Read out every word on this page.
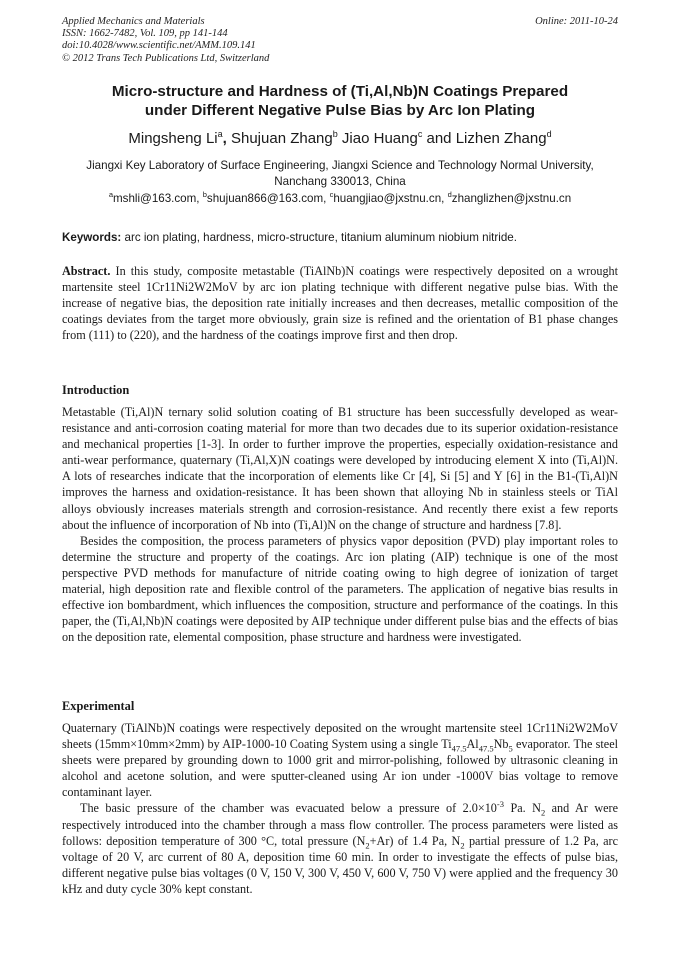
Applied Mechanics and Materials
ISSN: 1662-7482, Vol. 109, pp 141-144
doi:10.4028/www.scientific.net/AMM.109.141
© 2012 Trans Tech Publications Ltd, Switzerland
Online: 2011-10-24
Micro-structure and Hardness of (Ti,Al,Nb)N Coatings Prepared
under Different Negative Pulse Bias by Arc Ion Plating
Mingsheng Li$^a$, Shujuan Zhang$^b$ Jiao Huang$^c$ and Lizhen Zhang$^d$
Jiangxi Key Laboratory of Surface Engineering, Jiangxi Science and Technology Normal University,
Nanchang 330013, China
$^a$mshli@163.com, $^b$shujuan866@163.com, $^c$huangjiao@jxstnu.cn, $^d$zhanglizhen@jxstnu.cn
Keywords: arc ion plating, hardness, micro-structure, titanium aluminum niobium nitride.

Abstract. In this study, composite metastable (TiAlNb)N coatings were respectively deposited on a wrought martensite steel 1Cr11Ni2W2MoV by arc ion plating technique with different negative pulse bias. With the increase of negative bias, the deposition rate initially increases and then decreases, metallic composition of the coatings deviates from the target more obviously, grain size is refined and the orientation of B1 phase changes from (111) to (220), and the hardness of the coatings improve first and then drop.

Introduction

Metastable (Ti,Al)N ternary solid solution coating of B1 structure has been successfully developed as wear-resistance and anti-corrosion coating material for more than two decades due to its superior oxidation-resistance and mechanical properties [1-3]. In order to further improve the properties, especially oxidation-resistance and anti-wear performance, quaternary (Ti,Al,X)N coatings were developed by introducing element X into (Ti,Al)N. A lots of researches indicate that the incorporation of elements like Cr [4], Si [5] and Y [6] in the B1-(Ti,Al)N improves the harness and oxidation-resistance. It has been shown that alloying Nb in stainless steels or TiAl alloys obviously increases materials strength and corrosion-resistance. And recently there exist a few reports about the influence of incorporation of Nb into (Ti,Al)N on the change of structure and hardness [7.8].

Besides the composition, the process parameters of physics vapor deposition (PVD) play important roles to determine the structure and property of the coatings. Arc ion plating (AIP) technique is one of the most perspective PVD methods for manufacture of nitride coating owing to high degree of ionization of target material, high deposition rate and flexible control of the parameters. The application of negative bias results in effective ion bombardment, which influences the composition, structure and performance of the coatings. In this paper, the (Ti,Al,Nb)N coatings were deposited by AIP technique under different pulse bias and the effects of bias on the deposition rate, elemental composition, phase structure and hardness were investigated.

Experimental

Quaternary (TiAlNb)N coatings were respectively deposited on the wrought martensite steel 1Cr11Ni2W2MoV sheets (15mm×10mm×2mm) by AIP-1000-10 Coating System using a single $Ti_{47.5}Al_{47.5}Nb_5$ evaporator. The steel sheets were prepared by grounding down to 1000 grit and mirror-polishing, followed by ultrasonic cleaning in alcohol and acetone solution, and were sputter-cleaned using Ar ion under -1000V bias voltage to remove contaminant layer.

The basic pressure of the chamber was evacuated below a pressure of $2.0\times 10^{-3}$ Pa. $N_2$ and Ar were respectively introduced into the chamber through a mass flow controller. The process parameters were listed as follows: deposition temperature of 300 °C, total pressure $(N_2+Ar)$ of 1.4 Pa, $N_2$ partial pressure of 1.2 Pa, arc voltage of 20 V, arc current of 80 A, deposition time 60 min. In order to investigate the effects of pulse bias, different negative pulse bias voltages (0 V, 150 V, 300 V, 450 V, 600 V, 750 V) were applied and the frequency 30 kHz and duty cycle 30% kept constant.
